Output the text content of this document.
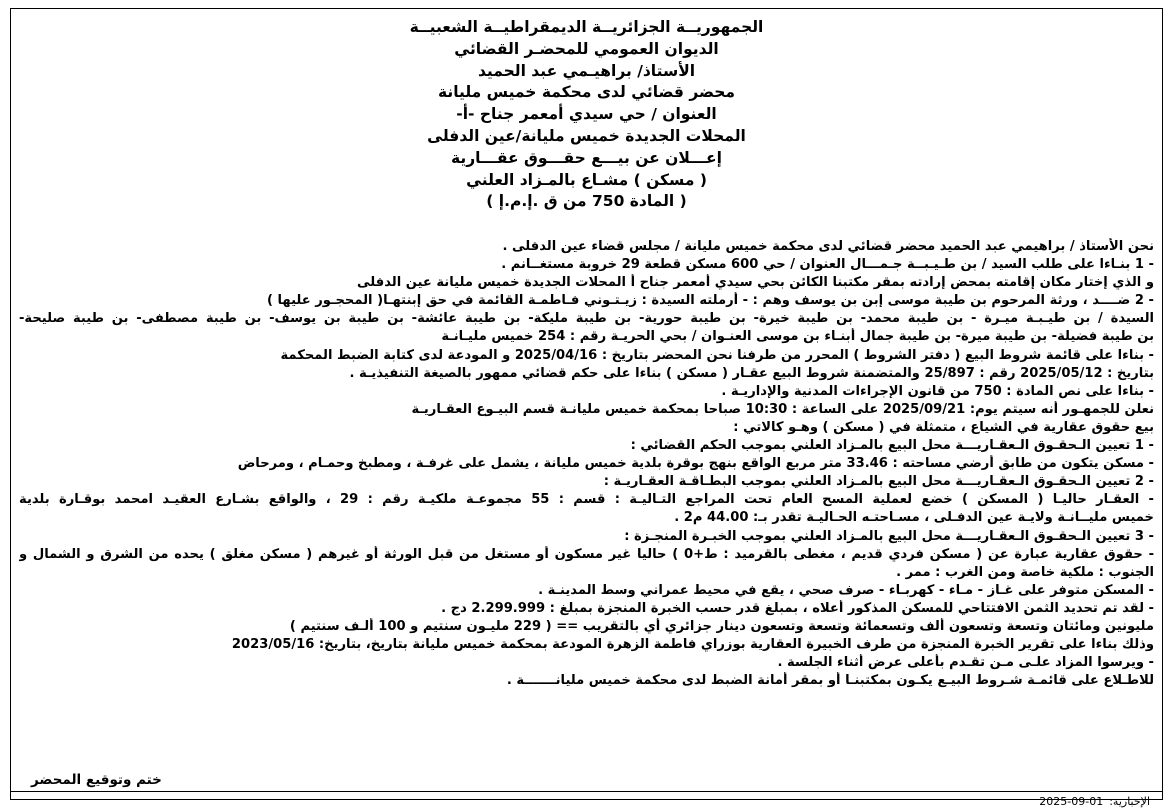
الجمهوريــة الجزائريــة الديمقراطيــة الشعبيــة
الديوان العمومي للمحضـر القضائي
الأستاذ/ براهيـمي عبد الحميد
محضر قضائي لدى محكمة خميس مليانة
العنوان / حي سيدي أمعمر جناح -أ-
المحلات الجديدة خميس مليانة/عين الدفلى
إعـــلان عن بيـــع حقـــوق عقـــارية
( مسكن ) مشـاع بالمـزاد العلني
( المادة 750 من ق .إ.م.إ )
نحن الأستاذ / براهيمي عبد الحميد محضر قضائي لدى محكمة خميس مليانة / مجلس قضاء عين الدفلى .
- 1 بنـاءا على طلب السيد / بن طـيـبــة جـمـــال العنوان / حي 600 مسكن قطعة 29 خروبة مستغــانم .
و الذي إختار مكان إقامته بمحض إرادته بمقر مكتبنا الكائن بحي سيدي أمعمر جناح أ المحلات الجديدة خميس مليانة عين الدفلى
- 2 ضــــد ، ورثة المرحوم بن طيبة موسى إبن بن يوسف وهم : - أرملته السيدة : زيـتـوني فـاطمـة القائمة في حق إبنتهـا( المحجـور عليها )
السيدة / بن طيـبـة ميـرة - بن طيبة محمد- بن طيبة خيرة- بن طيبة حورية- بن طيبة مليكة- بن طيبة عائشة- بن طيبة بن يوسف- بن طيبة مصطفى- بن طيبة صليحة-
بن طيبة فضيلة- بن طيبة ميرة- بن طيبة جمال أبنـاء بن موسى العنـوان / بحي الحريـة رقم : 254 خميس مليـانـة
- بناءا على قائمة شروط البيع ( دفتر الشروط ) المحرر من طرفنا نحن المحضر بتاريخ : 2025/04/16 و المودعة لدى كتابة الضبط المحكمة
بتاريخ : 2025/05/12 رقم : 25/897 والمتضمنة شروط البيع عقـار ( مسكن ) بناءا على حكم قضائي ممهور بالصيغة التنفيذيـة .
- بناءا على نص المادة : 750 من قانون الإجراءات المدنية والإداريـة .
نعلن للجمهـور أنه سيتم يوم: 2025/09/21 على الساعة : 10:30 صباحا بمحكمة خميس مليانـة قسم البيـوع العقـاريـة
بيع حقوق عقارية في الشياع ، متمثلة في ( مسكن ) وهـو كالاتي :
- 1 تعيين الـحقـوق الـعقـاريـــة محل البيع بالمـزاد العلني بموجب الحكم القضائي :
- مسكن يتكون من طابق أرضي مساحته : 33.46 متر مربع الواقع بنهج بوقرة بلدية خميس مليانة ، يشمل على غرفـة ، ومطبخ وحمـام ، ومرحاض
- 2 تعيين الـحقـوق الـعقـاريـــة محل البيع بالمـزاد العلني بموجب البطـاقـة العقـاريـة :
- العقـار حاليـا ( المسكن ) خضع لعملية المسح العام تحت المراجع التـاليـة : قسم : 55 مجموعـة ملكيـة رقم : 29 ، والواقع بشـارع العقيـد امحمد بوقـارة بلدية
خميس مليــانـة ولايـة عين الدفـلى ، مسـاحتـه الحـاليـة تقدر بـ: 44.00 م2 .
- 3 تعيين الـحقـوق الـعقـاريـــة محل البيع بالمـزاد العلني بموجب الخبـرة المنجـزة :
- حقوق عقارية عبارة عن ( مسكن فردي قديم ، مغطى بالقرميد : ط+0 ) حاليا غير مسكون أو مستغل من قبل الورثة أو غيرهم ( مسكن مغلق ) يحده من الشرق و الشمال و
الجنوب : ملكية خاصة ومن الغرب : ممر .
- المسكن متوفر على غـاز - مـاء - كهربـاء - صرف صحي ، يقع في محيط عمراني وسط المدينـة .
- لقد تم تحديد الثمن الافتتاحي للمسكن المذكور أعلاه ، بمبلغ قدر حسب الخبرة المنجزة بمبلغ : 2.299.999 دج .
مليونين ومائتان وتسعة وتسعون ألف وتسعمائة وتسعة وتسعون دينار جزائري أي بالتقريب == ( 229 مليـون سنتيم و 100 ألـف سنتيم )
وذلك بناءا على تقرير الخبرة المنجزة من طرف الخبيرة العقارية بوزراي فاطمة الزهرة المودعة بمحكمة خميس مليانة بتاريخ، بتاريخ: 2023/05/16
- ويرسوا المزاد علـى مـن تقـدم بأعلى عرض أثناء الجلسة .
للاطـلاع على قائمـة شـروط البيـع يكـون بمكتبنـا أو بمقر أمانة الضبط لدى محكمة خميس مليانـــــــة .
ختم وتوقيع المحضر
الإخبارية:
2025-09-01
